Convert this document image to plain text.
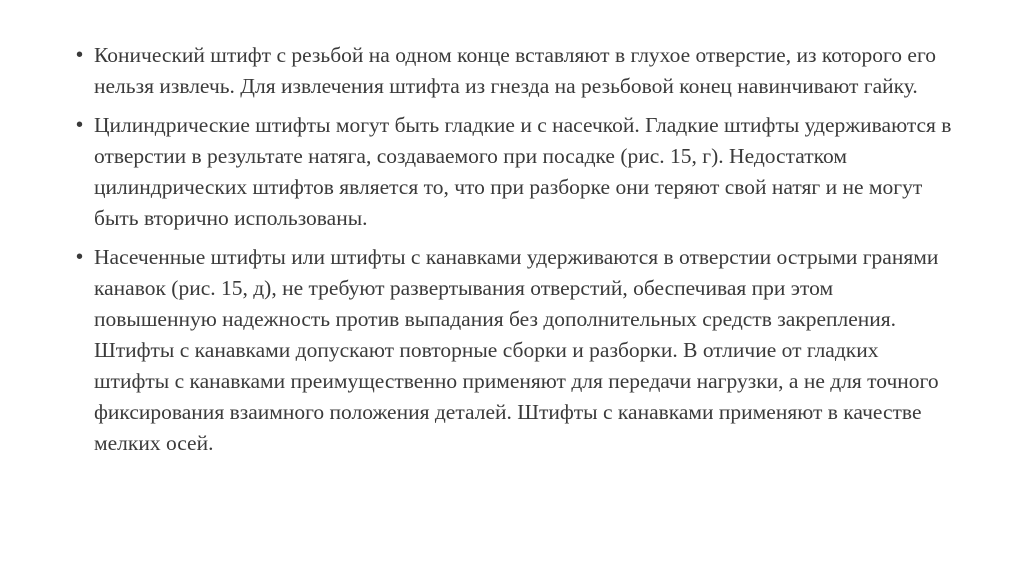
• Конический штифт с резьбой на одном конце вставляют в глухое отверстие, из которого его нельзя извлечь. Для извлечения штифта из гнезда на резьбовой конец навинчивают гайку.
• Цилиндрические штифты могут быть гладкие и с насечкой. Гладкие штифты удерживаются в отверстии в результате натяга, создаваемого при посадке (рис. 15, г). Недостатком цилиндрических штифтов является то, что при разборке они теряют свой натяг и не могут быть вторично использованы.
• Насеченные штифты или штифты с канавками удерживаются в отверстии острыми гранями канавок (рис. 15, д), не требуют развертывания отверстий, обеспечивая при этом повышенную надежность против выпадания без дополнительных средств закрепления. Штифты с канавками допускают повторные сборки и разборки. В отличие от гладких штифты с канавками преимущественно применяют для передачи нагрузки, а не для точного фиксирования взаимного положения деталей. Штифты с канавками применяют в качестве мелких осей.
